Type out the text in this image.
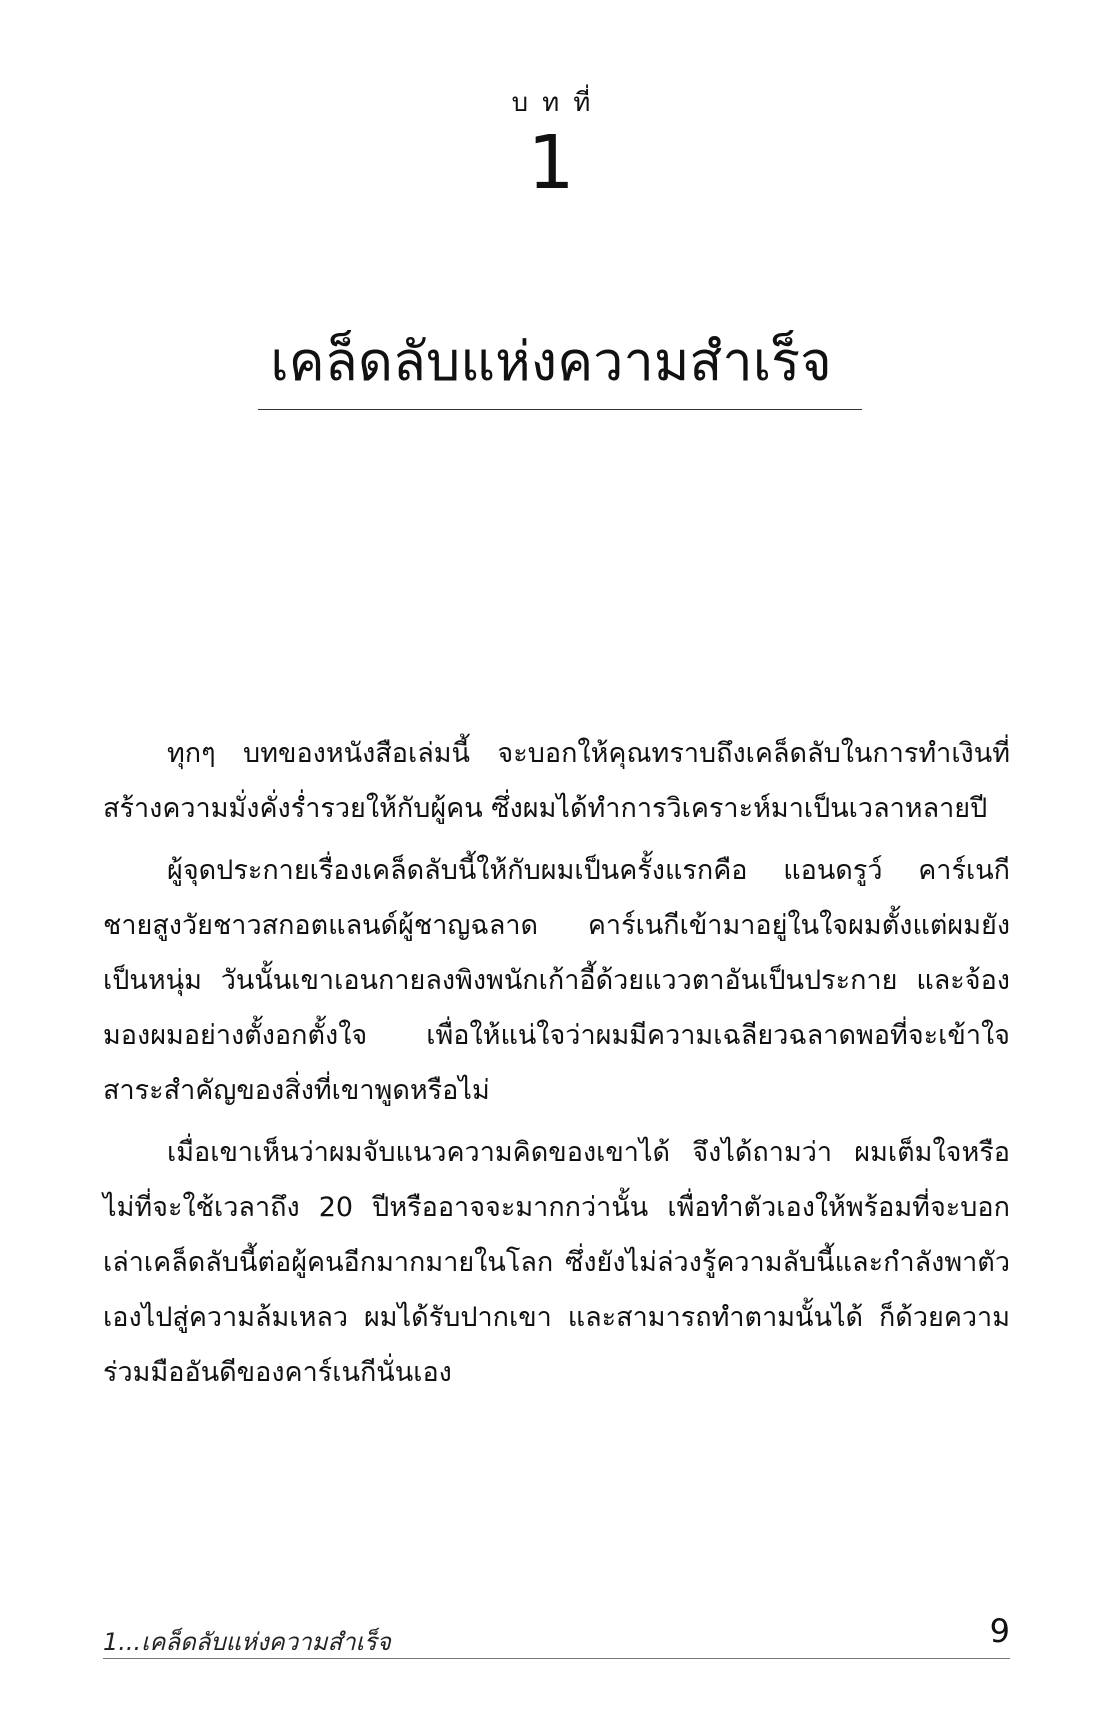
บทที่
1
เคล็ดลับแห่งความสำเร็จ

ทุกๆ บทของหนังสือเล่มนี้ จะบอกให้คุณทราบถึงเคล็ดลับในการทำเงินที่สร้างความมั่งคั่งร่ำรวยให้กับผู้คน ซึ่งผมได้ทำการวิเคราะห์มาเป็นเวลาหลายปี

ผู้จุดประกายเรื่องเคล็ดลับนี้ให้กับผมเป็นครั้งแรกคือ แอนดรูว์ คาร์เนกี ชายสูงวัยชาวสกอตแลนด์ผู้ชาญฉลาด คาร์เนกีเข้ามาอยู่ในใจผมตั้งแต่ผมยังเป็นหนุ่ม วันนั้นเขาเอนกายลงพิงพนักเก้าอี้ด้วยแววตาอันเป็นประกาย และจ้องมองผมอย่างตั้งอกตั้งใจ เพื่อให้แน่ใจว่าผมมีความเฉลียวฉลาดพอที่จะเข้าใจสาระสำคัญของสิ่งที่เขาพูดหรือไม่

เมื่อเขาเห็นว่าผมจับแนวความคิดของเขาได้ จึงได้ถามว่า ผมเต็มใจหรือไม่ที่จะใช้เวลาถึง 20 ปีหรืออาจจะมากกว่านั้น เพื่อทำตัวเองให้พร้อมที่จะบอกเล่าเคล็ดลับนี้ต่อผู้คนอีกมากมายในโลก ซึ่งยังไม่ล่วงรู้ความลับนี้และกำลังพาตัวเองไปสู่ความล้มเหลว ผมได้รับปากเขา และสามารถทำตามนั้นได้ ก็ด้วยความร่วมมืออันดีของคาร์เนกีนั่นเอง

1...เคล็ดลับแห่งความสำเร็จ	9
